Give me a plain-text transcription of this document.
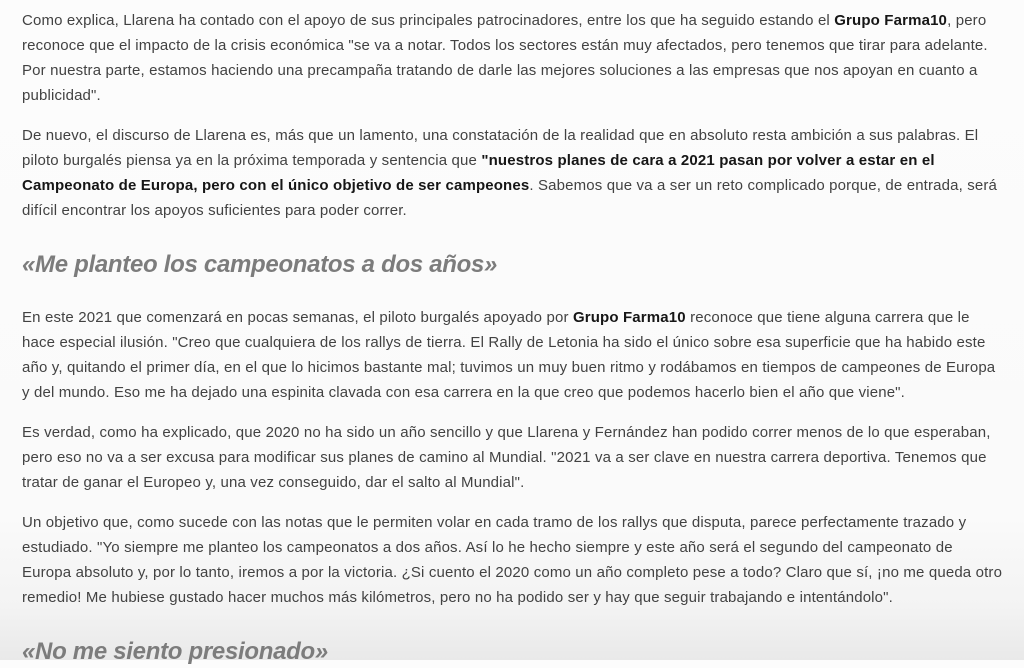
Como explica, Llarena ha contado con el apoyo de sus principales patrocinadores, entre los que ha seguido estando el Grupo Farma10, pero reconoce que el impacto de la crisis económica "se va a notar. Todos los sectores están muy afectados, pero tenemos que tirar para adelante. Por nuestra parte, estamos haciendo una precampaña tratando de darle las mejores soluciones a las empresas que nos apoyan en cuanto a publicidad".

De nuevo, el discurso de Llarena es, más que un lamento, una constatación de la realidad que en absoluto resta ambición a sus palabras. El piloto burgalés piensa ya en la próxima temporada y sentencia que "nuestros planes de cara a 2021 pasan por volver a estar en el Campeonato de Europa, pero con el único objetivo de ser campeones. Sabemos que va a ser un reto complicado porque, de entrada, será difícil encontrar los apoyos suficientes para poder correr.

«Me planteo los campeonatos a dos años»

En este 2021 que comenzará en pocas semanas, el piloto burgalés apoyado por Grupo Farma10 reconoce que tiene alguna carrera que le hace especial ilusión. "Creo que cualquiera de los rallys de tierra. El Rally de Letonia ha sido el único sobre esa superficie que ha habido este año y, quitando el primer día, en el que lo hicimos bastante mal; tuvimos un muy buen ritmo y rodábamos en tiempos de campeones de Europa y del mundo. Eso me ha dejado una espinita clavada con esa carrera en la que creo que podemos hacerlo bien el año que viene".

Es verdad, como ha explicado, que 2020 no ha sido un año sencillo y que Llarena y Fernández han podido correr menos de lo que esperaban, pero eso no va a ser excusa para modificar sus planes de camino al Mundial. "2021 va a ser clave en nuestra carrera deportiva. Tenemos que tratar de ganar el Europeo y, una vez conseguido, dar el salto al Mundial".

Un objetivo que, como sucede con las notas que le permiten volar en cada tramo de los rallys que disputa, parece perfectamente trazado y estudiado. "Yo siempre me planteo los campeonatos a dos años. Así lo he hecho siempre y este año será el segundo del campeonato de Europa absoluto y, por lo tanto, iremos a por la victoria. ¿Si cuento el 2020 como un año completo pese a todo? Claro que sí, ¡no me queda otro remedio! Me hubiese gustado hacer muchos más kilómetros, pero no ha podido ser y hay que seguir trabajando e intentándolo".

«No me siento presionado»
